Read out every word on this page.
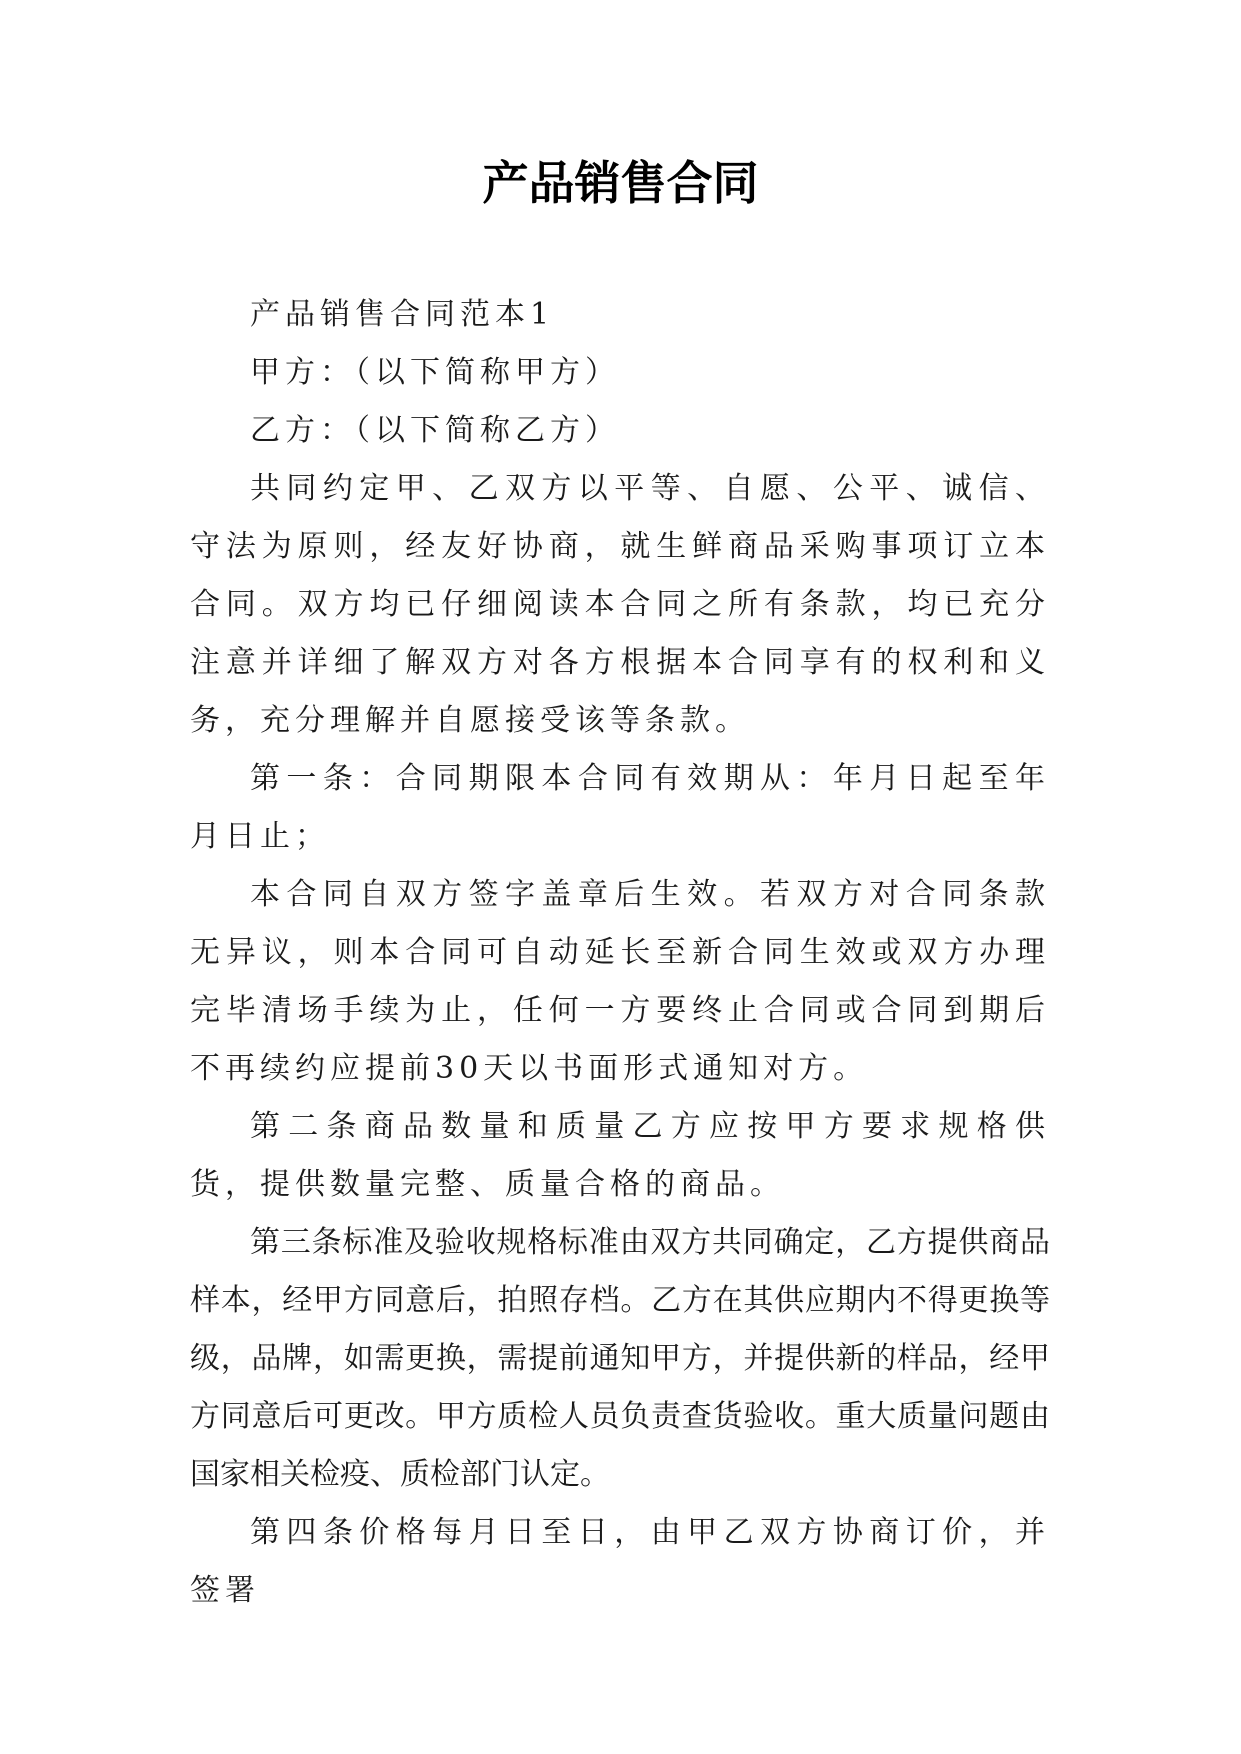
产品销售合同

产品销售合同范本1

甲方：（以下简称甲方）

乙方：（以下简称乙方）

共同约定甲、乙双方以平等、自愿、公平、诚信、守法为原则，经友好协商，就生鲜商品采购事项订立本合同。双方均已仔细阅读本合同之所有条款，均已充分注意并详细了解双方对各方根据本合同享有的权利和义务，充分理解并自愿接受该等条款。

第一条：合同期限本合同有效期从：年月日起至年月日止；

本合同自双方签字盖章后生效。若双方对合同条款无异议，则本合同可自动延长至新合同生效或双方办理完毕清场手续为止，任何一方要终止合同或合同到期后不再续约应提前30天以书面形式通知对方。

第二条商品数量和质量乙方应按甲方要求规格供货，提供数量完整、质量合格的商品。

第三条标准及验收规格标准由双方共同确定，乙方提供商品样本，经甲方同意后，拍照存档。乙方在其供应期内不得更换等级，品牌，如需更换，需提前通知甲方，并提供新的样品，经甲方同意后可更改。甲方质检人员负责查货验收。重大质量问题由国家相关检疫、质检部门认定。

第四条价格每月日至日，由甲乙双方协商订价，并签署
